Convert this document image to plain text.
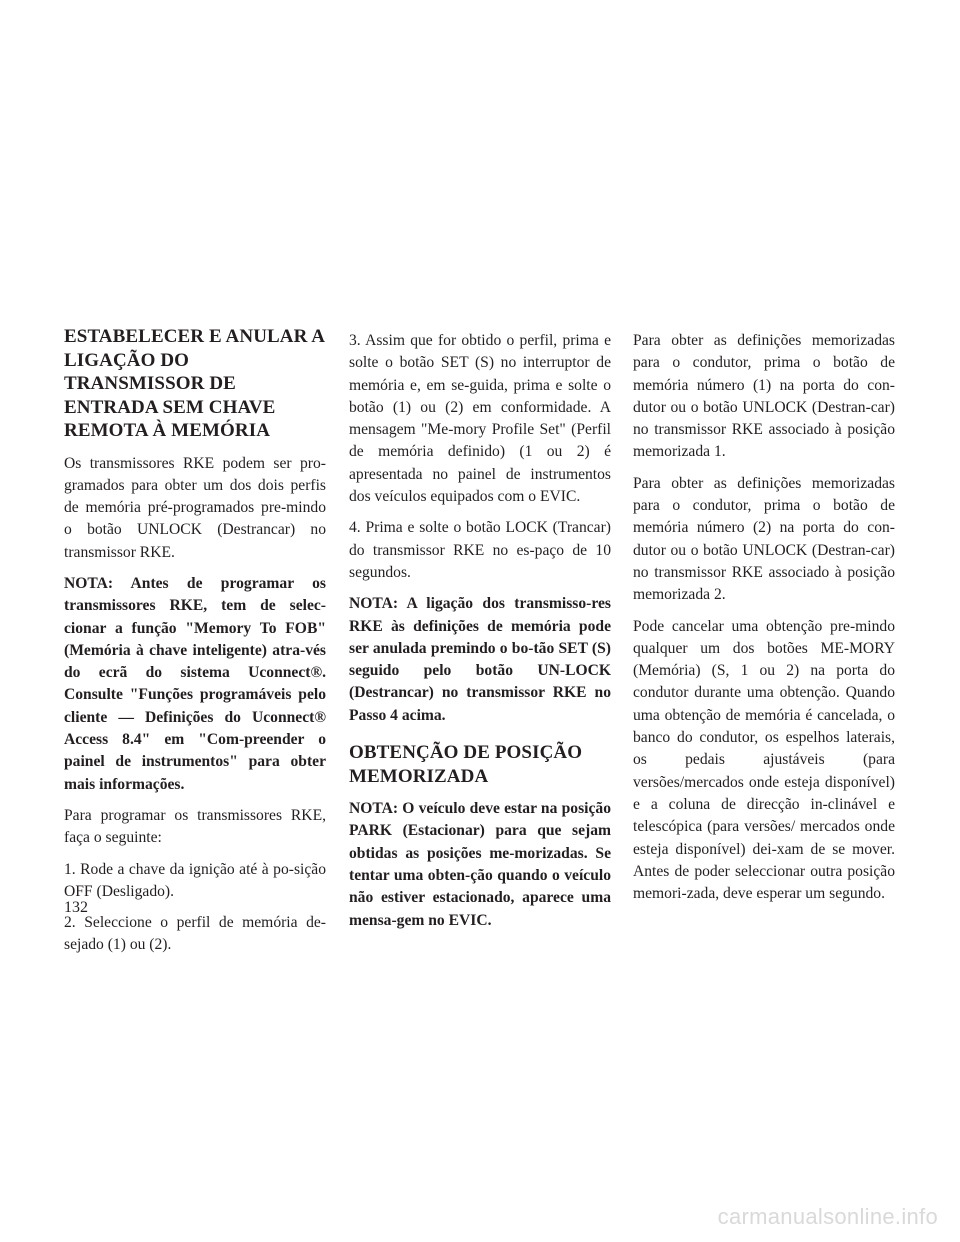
ESTABELECER E ANULAR A LIGAÇÃO DO TRANSMISSOR DE ENTRADA SEM CHAVE REMOTA À MEMÓRIA

Os transmissores RKE podem ser pro-gramados para obter um dos dois perfis de memória pré-programados pre-mindo o botão UNLOCK (Destrancar) no transmissor RKE.

NOTA: Antes de programar os transmissores RKE, tem de selec-cionar a função "Memory To FOB" (Memória à chave inteligente) atra-vés do ecrã do sistema Uconnect®. Consulte "Funções programáveis pelo cliente — Definições do Uconnect® Access 8.4" em "Com-preender o painel de instrumentos" para obter mais informações.

Para programar os transmissores RKE, faça o seguinte:

1. Rode a chave da ignição até à po-sição OFF (Desligado).

2. Seleccione o perfil de memória de-sejado (1) ou (2).

3. Assim que for obtido o perfil, prima e solte o botão SET (S) no interruptor de memória e, em se-guida, prima e solte o botão (1) ou (2) em conformidade. A mensagem "Me-mory Profile Set" (Perfil de memória definido) (1 ou 2) é apresentada no painel de instrumentos dos veículos equipados com o EVIC.

4. Prima e solte o botão LOCK (Trancar) do transmissor RKE no es-paço de 10 segundos.

NOTA: A ligação dos transmisso-res RKE às definições de memória pode ser anulada premindo o bo-tão SET (S) seguido pelo botão UN-LOCK (Destrancar) no transmissor RKE no Passo 4 acima.

OBTENÇÃO DE POSIÇÃO MEMORIZADA

NOTA: O veículo deve estar na posição PARK (Estacionar) para que sejam obtidas as posições me-morizadas. Se tentar uma obten-ção quando o veículo não estiver estacionado, aparece uma mensa-gem no EVIC.

Para obter as definições memorizadas para o condutor, prima o botão de memória número (1) na porta do con-dutor ou o botão UNLOCK (Destran-car) no transmissor RKE associado à posição memorizada 1.

Para obter as definições memorizadas para o condutor, prima o botão de memória número (2) na porta do con-dutor ou o botão UNLOCK (Destran-car) no transmissor RKE associado à posição memorizada 2.

Pode cancelar uma obtenção pre-mindo qualquer um dos botões ME-MORY (Memória) (S, 1 ou 2) na porta do condutor durante uma obtenção. Quando uma obtenção de memória é cancelada, o banco do condutor, os espelhos laterais, os pedais ajustáveis (para versões/mercados onde esteja disponível) e a coluna de direcção in-clinável e telescópica (para versões/ mercados onde esteja disponível) dei-xam de se mover. Antes de poder seleccionar outra posição memori-zada, deve esperar um segundo.

132
carmanualsonline.info
